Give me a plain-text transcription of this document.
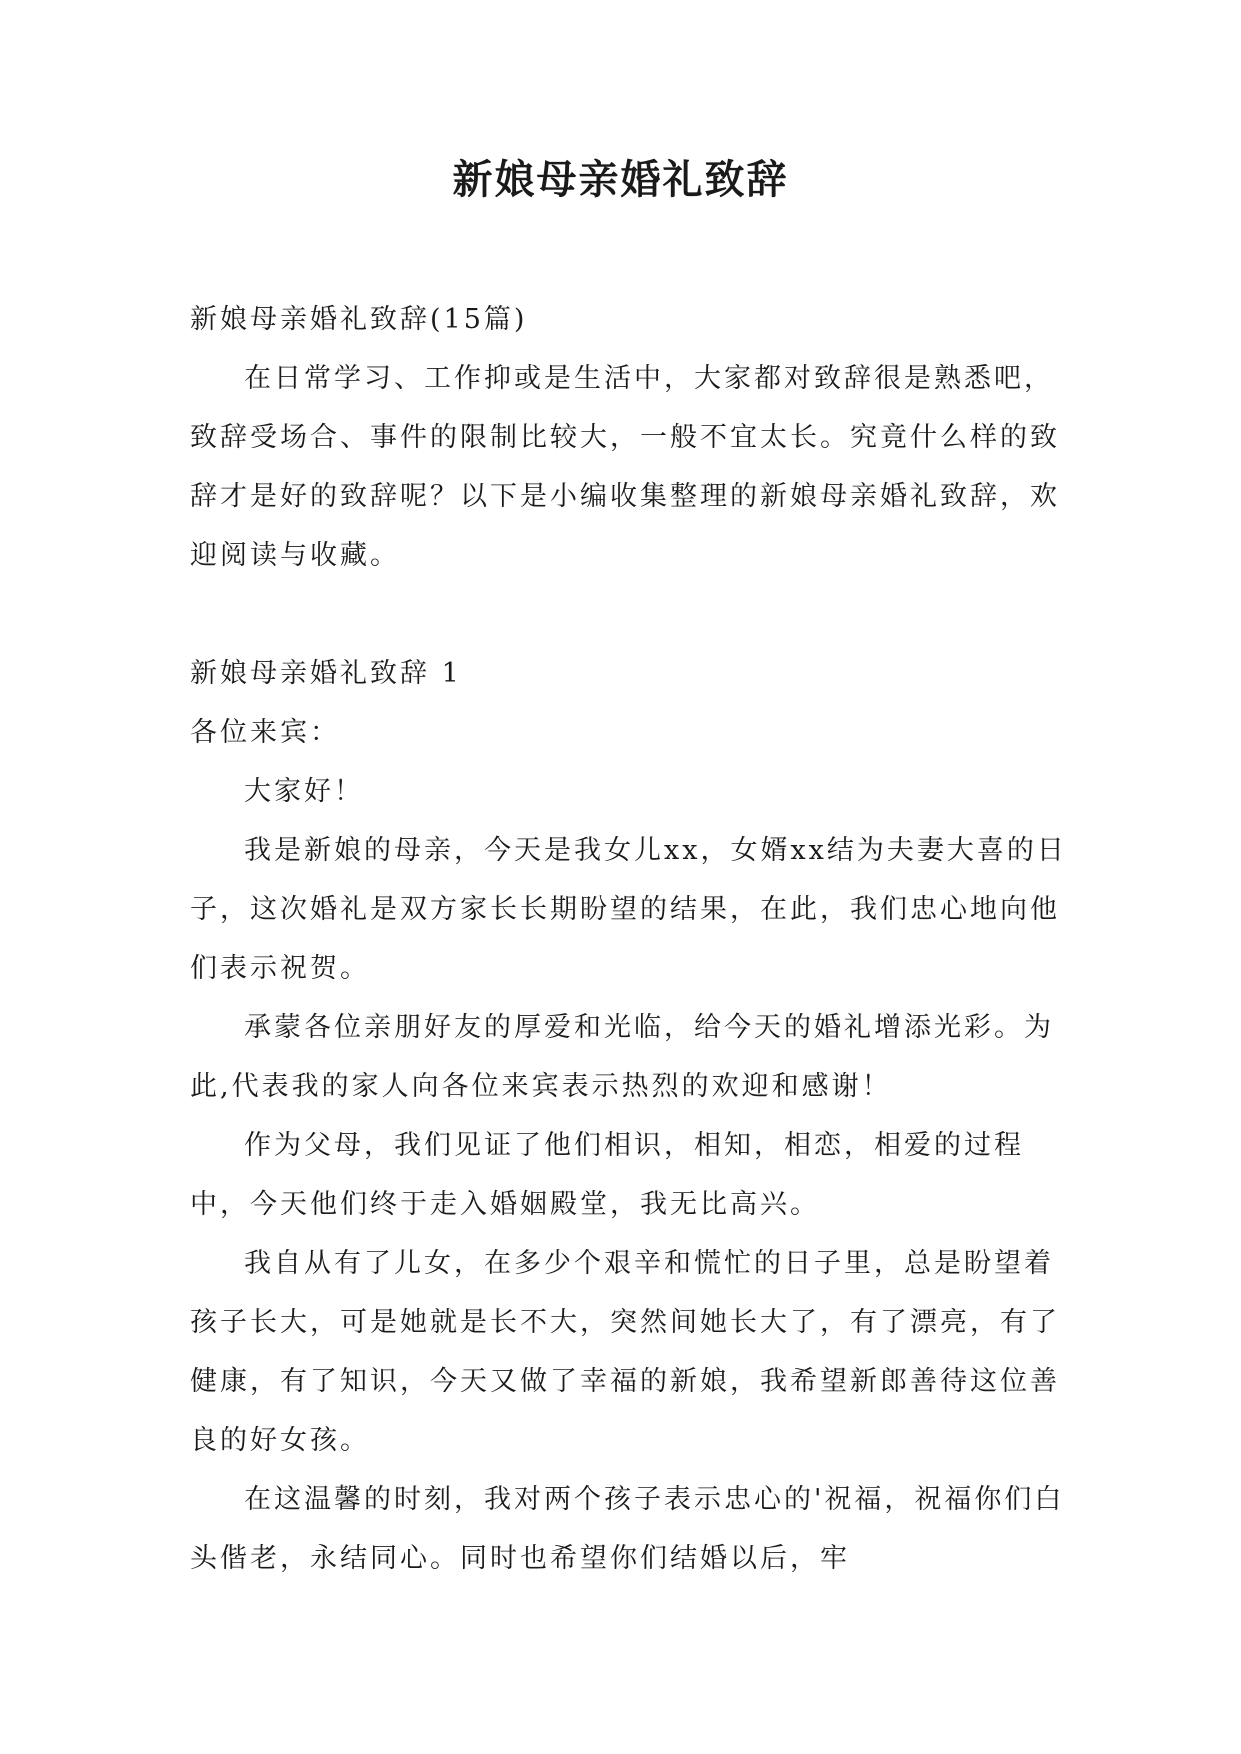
新娘母亲婚礼致辞

新娘母亲婚礼致辞(15篇)

在日常学习、工作抑或是生活中，大家都对致辞很是熟悉吧，致辞受场合、事件的限制比较大，一般不宜太长。究竟什么样的致辞才是好的致辞呢？以下是小编收集整理的新娘母亲婚礼致辞，欢迎阅读与收藏。

新娘母亲婚礼致辞 1

各位来宾：

大家好！

我是新娘的母亲，今天是我女儿xx，女婿xx结为夫妻大喜的日子，这次婚礼是双方家长长期盼望的结果，在此，我们忠心地向他们表示祝贺。

承蒙各位亲朋好友的厚爱和光临，给今天的婚礼增添光彩。为此,代表我的家人向各位来宾表示热烈的欢迎和感谢！

作为父母，我们见证了他们相识，相知，相恋，相爱的过程中，今天他们终于走入婚姻殿堂，我无比高兴。

我自从有了儿女，在多少个艰辛和慌忙的日子里，总是盼望着孩子长大，可是她就是长不大，突然间她长大了，有了漂亮，有了健康，有了知识，今天又做了幸福的新娘，我希望新郎善待这位善良的好女孩。

在这温馨的时刻，我对两个孩子表示忠心的'祝福，祝福你们白头偕老，永结同心。同时也希望你们结婚以后，牢
